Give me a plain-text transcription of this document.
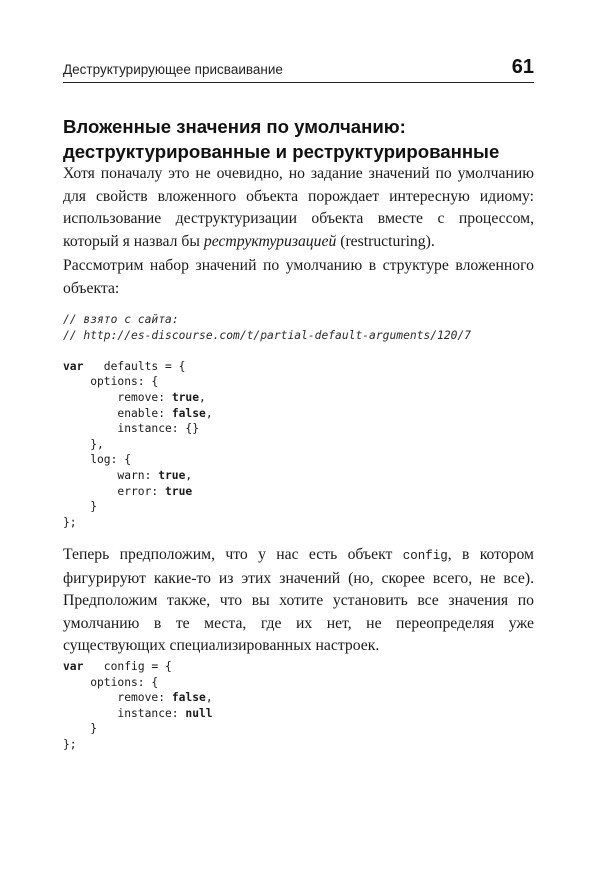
Деструктурирующее присваивание	61
Вложенные значения по умолчанию:
деструктурированные и реструктурированные

Хотя поначалу это не очевидно, но задание значений по умолчанию для свойств вложенного объекта порождает интересную идиому: использование деструктуризации объекта вместе с процессом, который я назвал бы реструктуризацией (restructuring).

Рассмотрим набор значений по умолчанию в структуре вложенного объекта:

// взято с сайта:
// http://es-discourse.com/t/partial-default-arguments/120/7
var   defaults = {
options: {
remove: true,
enable: false,
instance: {}
},
log: {
warn: true,
error: true
}
};

Теперь предположим, что у нас есть объект config, в котором фигурируют какие-то из этих значений (но, скорее всего, не все). Предположим также, что вы хотите установить все значения по умолчанию в те места, где их нет, не переопределяя уже существующих специализированных настроек.

var   config = {
options: {
remove: false,
instance: null
}
};
